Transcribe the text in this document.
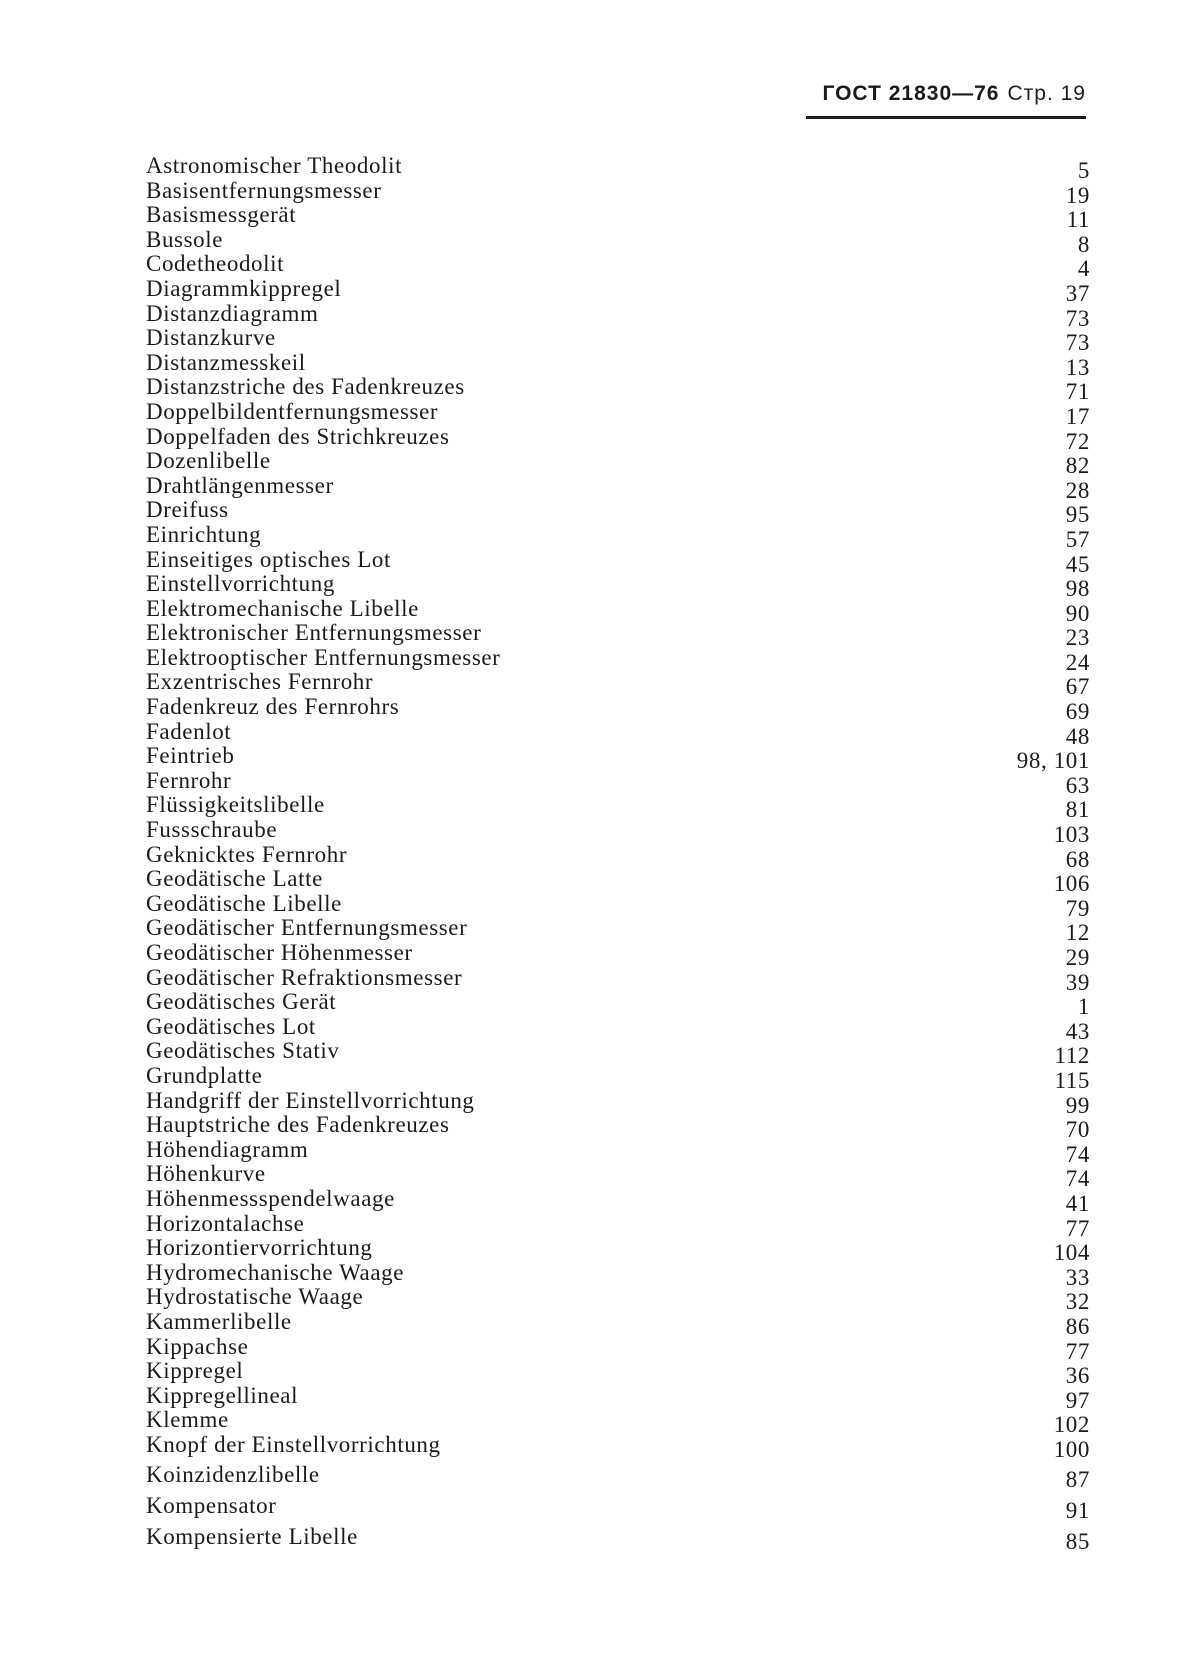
ГОСТ 21830—76 Стр. 19
Astronomischer Theodolit	5
Basisentfernungsmesser	19
Basismessgerät	11
Bussole	8
Codetheodolit	4
Diagrammkippregel	37
Distanzdiagramm	73
Distanzkurve	73
Distanzmesskeil	13
Distanzstriche des Fadenkreuzes	71
Doppelbildentfernungsmesser	17
Doppelfaden des Strichkreuzes	72
Dozenlibelle	82
Drahtlängenmesser	28
Dreifuss	95
Einrichtung	57
Einseitiges optisches Lot	45
Einstellvorrichtung	98
Elektromechanische Libelle	90
Elektronischer Entfernungsmesser	23
Elektrooptischer Entfernungsmesser	24
Exzentrisches Fernrohr	67
Fadenkreuz des Fernrohrs	69
Fadenlot	48
Feintrieb	98, 101
Fernrohr	63
Flüssigkeitslibelle	81
Fussschraube	103
Geknicktes Fernrohr	68
Geodätische Latte	106
Geodätische Libelle	79
Geodätischer Entfernungsmesser	12
Geodätischer Höhenmesser	29
Geodätischer Refraktionsmesser	39
Geodätisches Gerät	1
Geodätisches Lot	43
Geodätisches Stativ	112
Grundplatte	115
Handgriff der Einstellvorrichtung	99
Hauptstriche des Fadenkreuzes	70
Höhendiagramm	74
Höhenkurve	74
Höhenmessspendelwaage	41
Horizontalachse	77
Horizontiervorrichtung	104
Hydromechanische Waage	33
Hydrostatische Waage	32
Kammerlibelle	86
Kippachse	77
Kippregel	36
Kippregellineal	97
Klemme	102
Knopf der Einstellvorrichtung	100
Koinzidenzlibelle	87
Kompensator	91
Kompensierte Libelle	85
